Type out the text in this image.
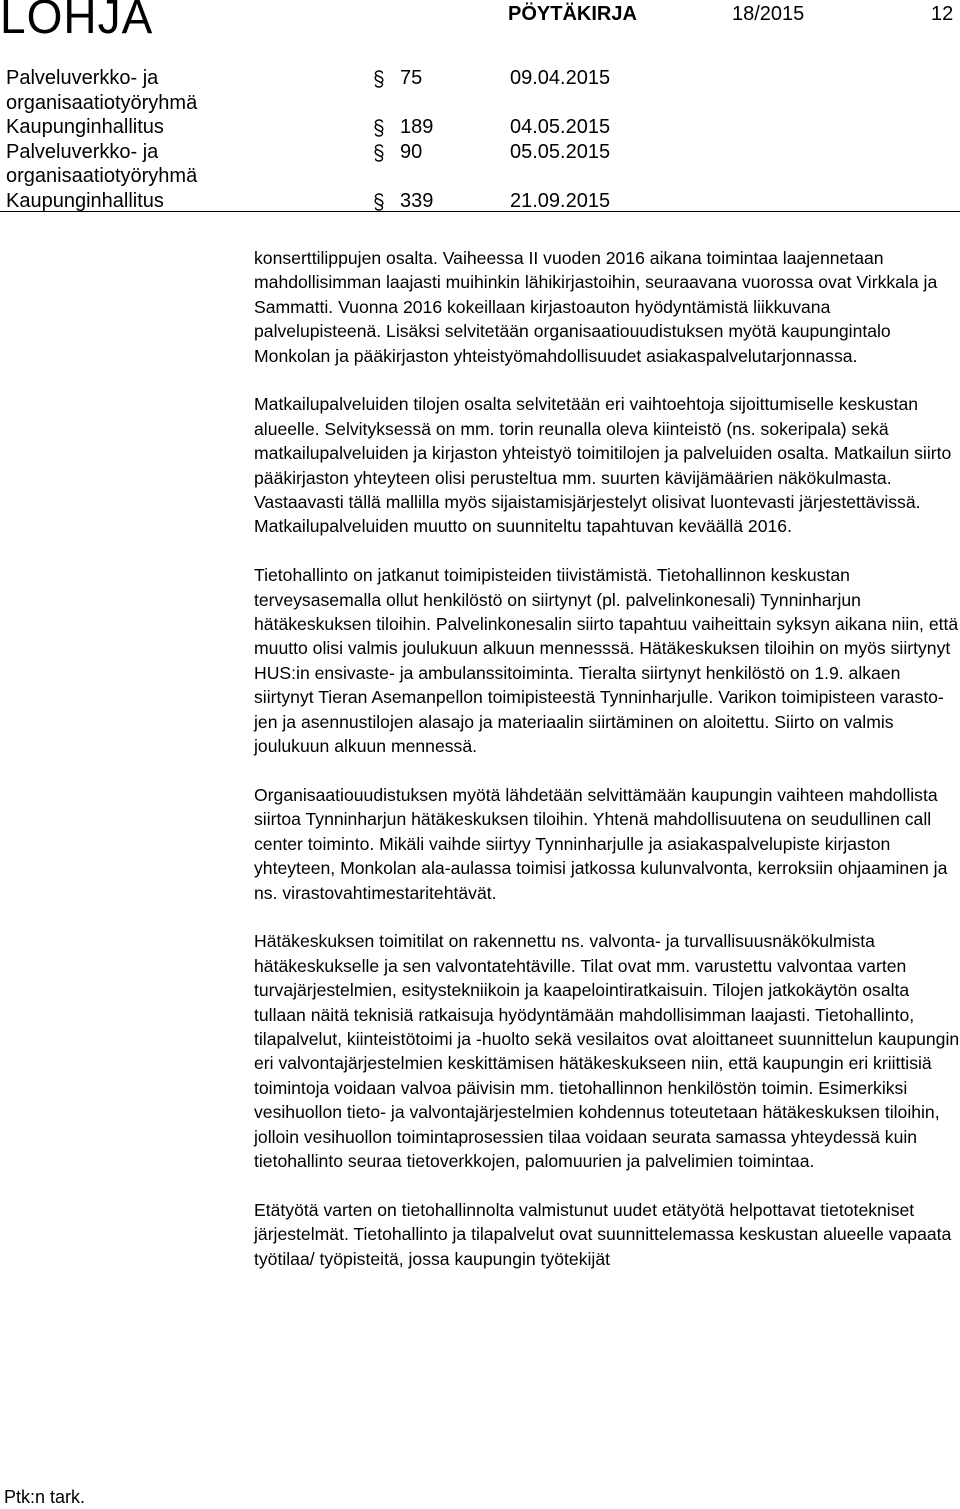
LOHJA	PÖYTÄKIRJA	18/2015	12
Palveluverkko- ja
organisaatiotyöryhmä
75	09.04.2015
Kaupunginhallitus	189	04.05.2015
Palveluverkko- ja
organisaatiotyöryhmä
90	05.05.2015
Kaupunginhallitus	339	21.09.2015

konserttilippujen osalta. Vaiheessa II vuoden 2016 aikana toimintaa laajennetaan mahdollisimman laajasti muihinkin lähikirjastoihin, seuraavana vuorossa ovat Virkkala ja Sammatti. Vuonna 2016 kokeillaan kirjastoauton hyödyntämistä liikkuvana palvelupisteenä. Lisäksi selvitetään organisaatiouudistuksen myötä kaupungintalo Monkolan ja pääkirjaston yhteistyömahdollisuudet asiakaspalvelutarjonnassa.

Matkailupalveluiden tilojen osalta selvitetään eri vaihtoehtoja sijoittumiselle keskustan alueelle. Selvityksessä on mm. torin reunalla oleva kiinteistö (ns. sokeripala) sekä matkailupalveluiden ja kirjaston yhteistyö toimitilojen ja palveluiden osalta. Matkailun siirto pääkirjaston yhteyteen olisi perusteltua mm. suurten kävijämäärien näkökulmasta. Vastaavasti tällä mallilla myös sijaistamisjärjestelyt olisivat luontevasti järjestettävissä. Matkailupalveluiden muutto on suunniteltu tapahtuvan keväällä 2016.

Tietohallinto on jatkanut toimipisteiden tiivistämistä. Tietohallinnon keskustan terveysasemalla ollut henkilöstö on siirtynyt (pl. palvelinkonesali) Tynninharjun hätäkeskuksen tiloihin. Palvelinkonesalin siirto tapahtuu vaiheittain syksyn aikana niin, että muutto olisi valmis joulukuun alkuun mennesssä. Hätäkeskuksen tiloihin on myös siirtynyt HUS:in ensivaste- ja ambulanssitoiminta. Tieralta siirtynyt henkilöstö on 1.9. alkaen siirtynyt Tieran Asemanpellon toimipisteestä Tynninharjulle. Varikon toimipisteen varastojen ja asennustilojen alasajo ja materiaalin siirtäminen on aloitettu. Siirto on valmis joulukuun alkuun mennessä.

Organisaatiouudistuksen myötä lähdetään selvittämään kaupungin vaihteen mahdollista siirtoa Tynninharjun hätäkeskuksen tiloihin. Yhtenä mahdollisuutena on seudullinen call center toiminto. Mikäli vaihde siirtyy Tynninharjulle ja asiakaspalvelupiste kirjaston yhteyteen, Monkolan ala-aulassa toimisi jatkossa kulunvalvonta, kerroksiin ohjaaminen ja ns. virastovahtimestaritehtävät.

Hätäkeskuksen toimitilat on rakennettu ns. valvonta- ja turvallisuusnäkökulmista hätäkeskukselle ja sen valvontatehtäville. Tilat ovat mm. varustettu valvontaa varten turvajärjestelmien, esitystekniikoin ja kaapelointiratkaisuin. Tilojen jatkokäytön osalta tullaan näitä teknisiä ratkaisuja hyödyntämään mahdollisimman laajasti. Tietohallinto, tilapalvelut, kiinteistötoimi ja -huolto sekä vesilaitos ovat aloittaneet suunnittelun kaupungin eri valvontajärjestelmien keskittämisen hätäkeskukseen niin, että kaupungin eri kriittisiä toimintoja voidaan valvoa päivisin mm. tietohallinnon henkilöstön toimin. Esimerkiksi vesihuollon tieto- ja valvontajärjestelmien kohdennus toteutetaan hätäkeskuksen tiloihin, jolloin vesihuollon toimintaprosessien tilaa voidaan seurata samassa yhteydessä kuin tietohallinto seuraa tietoverkkojen, palomuurien ja palvelimien toimintaa.

Etätyötä varten on tietohallinnolta valmistunut uudet etätyötä helpottavat tietotekniset järjestelmät. Tietohallinto ja tilapalvelut ovat suunnittelemassa keskustan alueelle vapaata työtilaa/ työpisteitä, jossa kaupungin työtekijät

Ptk:n tark.
